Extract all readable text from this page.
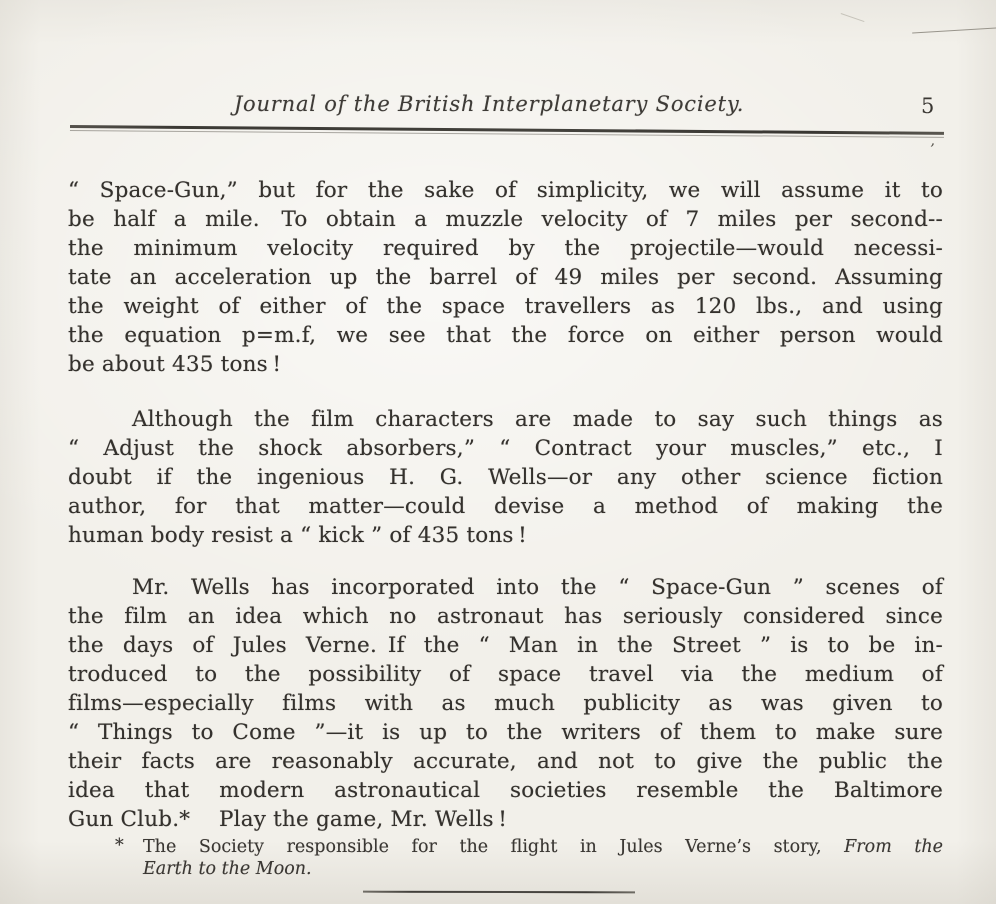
Journal of the British Interplanetary Society.	5
,
“ Space-Gun,” but for the sake of simplicity, we will assume it to
be half a mile. To obtain a muzzle velocity of 7 miles per second--
the minimum velocity required by the projectile—would necessi-
tate an acceleration up the barrel of 49 miles per second. Assuming
the weight of either of the space travellers as 120 lbs., and using
the equation p=m.f, we see that the force on either person would
be about 435 tons !
Although the film characters are made to say such things as
“ Adjust the shock absorbers,” “ Contract your muscles,” etc., I
doubt if the ingenious H. G. Wells—or any other science fiction
author, for that matter—could devise a method of making the
human body resist a “ kick ” of 435 tons !
Mr. Wells has incorporated into the “ Space-Gun ” scenes of
the film an idea which no astronaut has seriously considered since
the days of Jules Verne. If the “ Man in the Street ” is to be in-
troduced to the possibility of space travel via the medium of
films—especially films with as much publicity as was given to
“ Things to Come ”—it is up to the writers of them to make sure
their facts are reasonably accurate, and not to give the public the
idea that modern astronautical societies resemble the Baltimore
Gun Club.*  Play the game, Mr. Wells !
* The Society responsible for the flight in Jules Verne’s story, From the
Earth to the Moon.
